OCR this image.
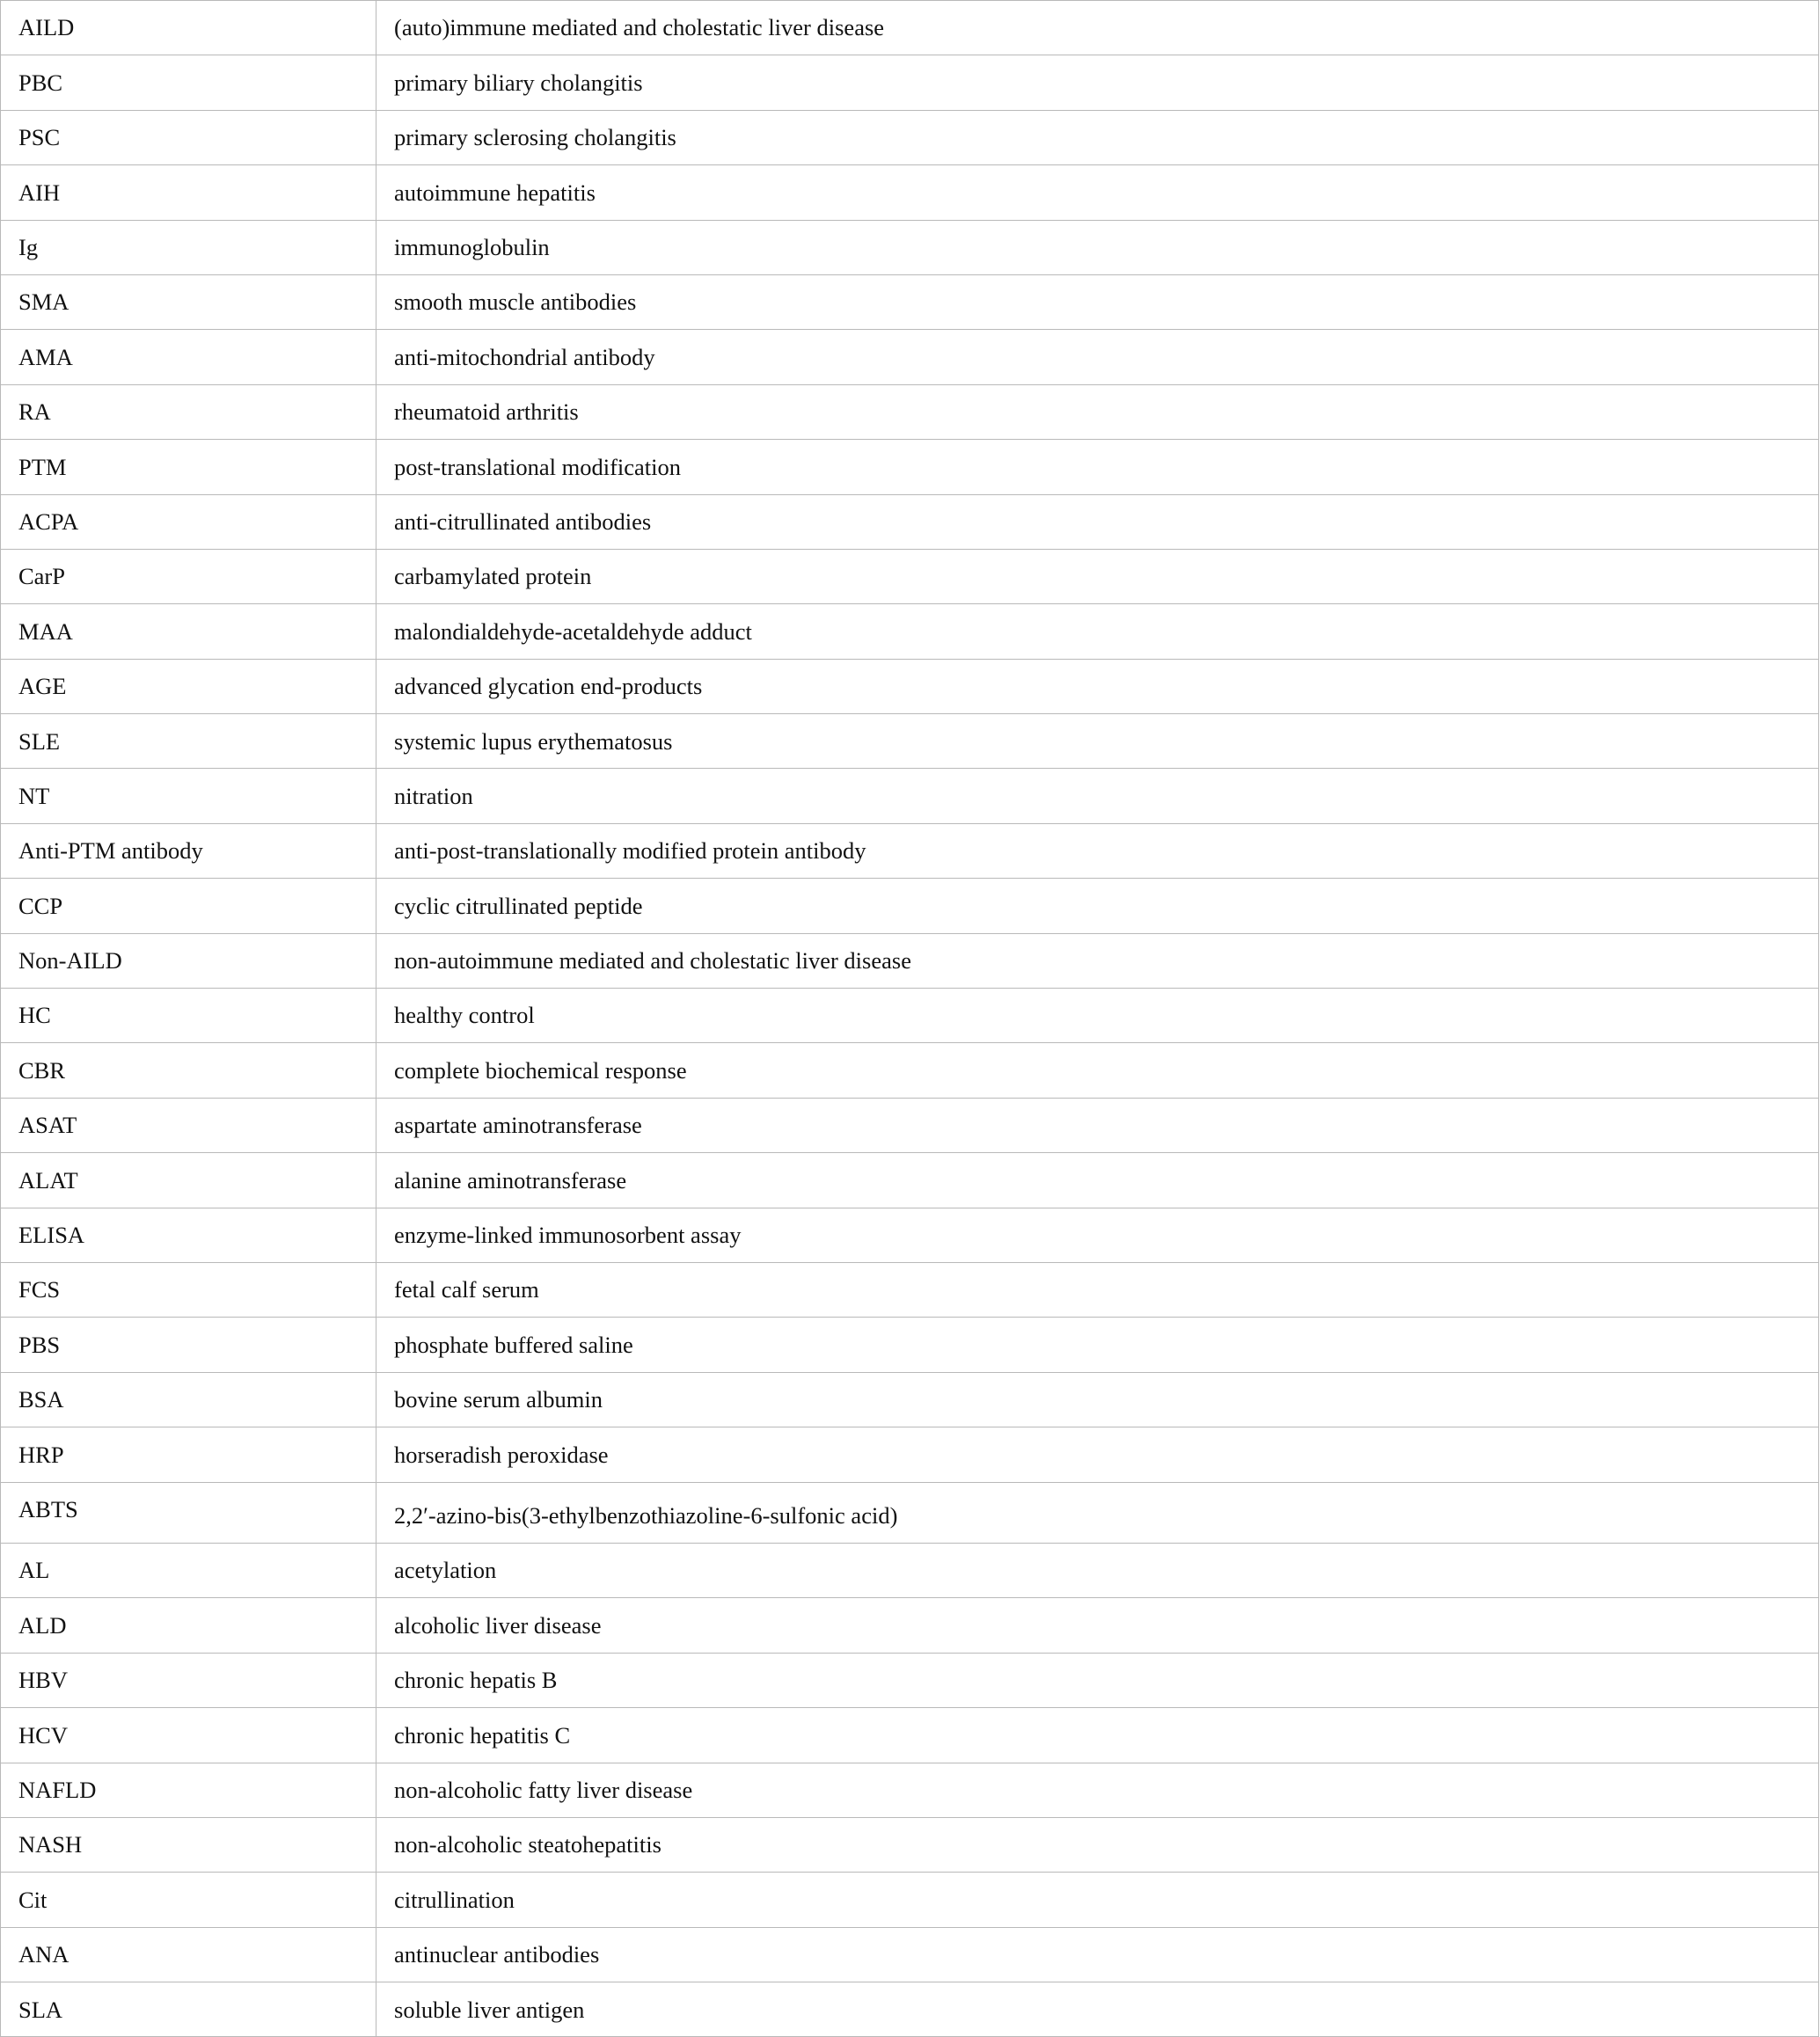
AILD	(auto)immune mediated and cholestatic liver disease
PBC	primary biliary cholangitis
PSC	primary sclerosing cholangitis
AIH	autoimmune hepatitis
Ig	immunoglobulin
SMA	smooth muscle antibodies
AMA	anti-mitochondrial antibody
RA	rheumatoid arthritis
PTM	post-translational modification
ACPA	anti-citrullinated antibodies
CarP	carbamylated protein
MAA	malondialdehyde-acetaldehyde adduct
AGE	advanced glycation end-products
SLE	systemic lupus erythematosus
NT	nitration
Anti-PTM antibody	anti-post-translationally modified protein antibody
CCP	cyclic citrullinated peptide
Non-AILD	non-autoimmune mediated and cholestatic liver disease
HC	healthy control
CBR	complete biochemical response
ASAT	aspartate aminotransferase
ALAT	alanine aminotransferase
ELISA	enzyme-linked immunosorbent assay
FCS	fetal calf serum
PBS	phosphate buffered saline
BSA	bovine serum albumin
HRP	horseradish peroxidase
ABTS	2,2′-azino-bis(3-ethylbenzothiazoline-6-sulfonic acid)
AL	acetylation
ALD	alcoholic liver disease
HBV	chronic hepatis B
HCV	chronic hepatitis C
NAFLD	non-alcoholic fatty liver disease
NASH	non-alcoholic steatohepatitis
Cit	citrullination
ANA	antinuclear antibodies
SLA	soluble liver antigen
